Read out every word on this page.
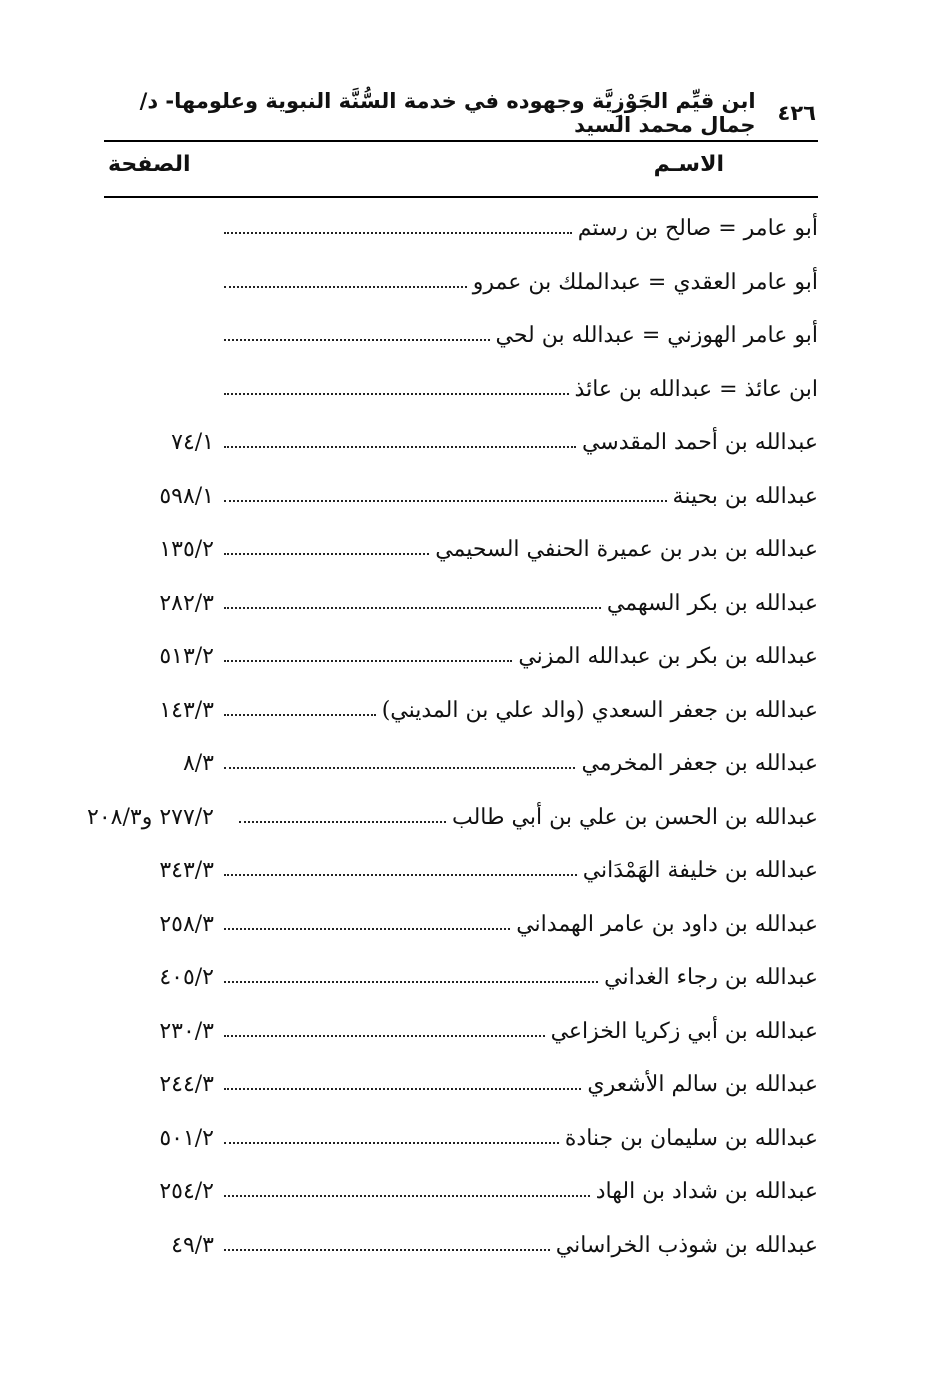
٤٢٦
ابن قيِّم الجَوْزِيَّة وجهوده في خدمة السُّنَّة النبوية وعلومها- د/جمال محمد السيد
الاسـم
الصفحة
أبو عامر = صالح بن رستم
أبو عامر العقدي = عبدالملك بن عمرو
أبو عامر الهوزني = عبدالله بن لحي
ابن عائذ = عبدالله بن عائذ
٧٤/١	عبدالله بن أحمد المقدسي
٥٩٨/١	عبدالله بن بحينة
١٣٥/٢	عبدالله بن بدر بن عميرة الحنفي السحيمي
٢٨٢/٣	عبدالله بن بكر السهمي
٥١٣/٢	عبدالله بن بكر بن عبدالله المزني
١٤٣/٣	عبدالله بن جعفر السعدي (والد علي بن المديني)
٨/٣	عبدالله بن جعفر المخرمي
٢٧٧/٢ و٢٠٨/٣	عبدالله بن الحسن بن علي بن أبي طالب
٣٤٣/٣	عبدالله بن خليفة الهَمْدَاني
٢٥٨/٣	عبدالله بن داود بن عامر الهمداني
٤٠٥/٢	عبدالله بن رجاء الغداني
٢٣٠/٣	عبدالله بن أبي زكريا الخزاعي
٢٤٤/٣	عبدالله بن سالم الأشعري
٥٠١/٢	عبدالله بن سليمان بن جنادة
٢٥٤/٢	عبدالله بن شداد بن الهاد
٤٩/٣	عبدالله بن شوذب الخراساني
